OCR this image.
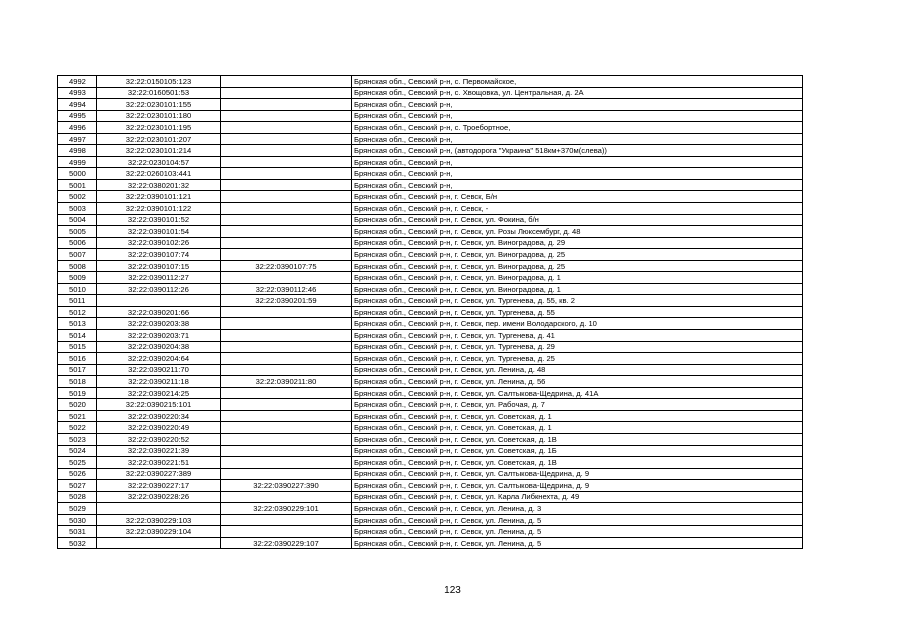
4992	32:22:0150105:123		Брянская обл., Севский р-н, с. Первомайское,
4993	32:22:0160501:53		Брянская обл., Севский р-н, с. Хвощовка, ул. Центральная, д. 2А
4994	32:22:0230101:155		Брянская обл., Севский р-н,
4995	32:22:0230101:180		Брянская обл., Севский р-н,
4996	32:22:0230101:195		Брянская обл., Севский р-н, с. Троебортное,
4997	32:22:0230101:207		Брянская обл., Севский р-н,
4998	32:22:0230101:214		Брянская обл., Севский р-н, (автодорога "Украина" 518км+370м(слева))
4999	32:22:0230104:57		Брянская обл., Севский р-н,
5000	32:22:0260103:441		Брянская обл., Севский р-н,
5001	32:22:0380201:32		Брянская обл., Севский р-н,
5002	32:22:0390101:121		Брянская обл., Севский р-н, г. Севск, Б/н
5003	32:22:0390101:122		Брянская обл., Севский р-н, г. Севск, -
5004	32:22:0390101:52		Брянская обл., Севский р-н, г. Севск, ул. Фокина, б/н
5005	32:22:0390101:54		Брянская обл., Севский р-н, г. Севск, ул. Розы Люксембург, д. 48
5006	32:22:0390102:26		Брянская обл., Севский р-н, г. Севск, ул. Виноградова, д. 29
5007	32:22:0390107:74		Брянская обл., Севский р-н, г. Севск, ул. Виноградова, д. 25
5008	32:22:0390107:15	32:22:0390107:75	Брянская обл., Севский р-н, г. Севск, ул. Виноградова, д. 25
5009	32:22:0390112:27		Брянская обл., Севский р-н, г. Севск, ул. Виноградова, д. 1
5010	32:22:0390112:26	32:22:0390112:46	Брянская обл., Севский р-н, г. Севск, ул. Виноградова, д. 1
5011		32:22:0390201:59	Брянская обл., Севский р-н, г. Севск, ул. Тургенева, д. 55, кв. 2
5012	32:22:0390201:66		Брянская обл., Севский р-н, г. Севск, ул. Тургенева, д. 55
5013	32:22:0390203:38		Брянская обл., Севский р-н, г. Севск, пер. имени Володарского, д. 10
5014	32:22:0390203:71		Брянская обл., Севский р-н, г. Севск, ул. Тургенева, д. 41
5015	32:22:0390204:38		Брянская обл., Севский р-н, г. Севск, ул. Тургенева, д. 29
5016	32:22:0390204:64		Брянская обл., Севский р-н, г. Севск, ул. Тургенева, д. 25
5017	32:22:0390211:70		Брянская обл., Севский р-н, г. Севск, ул. Ленина, д. 48
5018	32:22:0390211:18	32:22:0390211:80	Брянская обл., Севский р-н, г. Севск, ул. Ленина, д. 56
5019	32:22:0390214:25		Брянская обл., Севский р-н, г. Севск, ул. Салтыкова-Щедрина, д. 41А
5020	32:22:0390215:101		Брянская обл., Севский р-н, г. Севск, ул. Рабочая, д. 7
5021	32:22:0390220:34		Брянская обл., Севский р-н, г. Севск, ул. Советская, д. 1
5022	32:22:0390220:49		Брянская обл., Севский р-н, г. Севск, ул. Советская, д. 1
5023	32:22:0390220:52		Брянская обл., Севский р-н, г. Севск, ул. Советская, д. 1В
5024	32:22:0390221:39		Брянская обл., Севский р-н, г. Севск, ул. Советская, д. 1Б
5025	32:22:0390221:51		Брянская обл., Севский р-н, г. Севск, ул. Советская, д. 1В
5026	32:22:0390227:389		Брянская обл., Севский р-н, г. Севск, ул. Салтыкова-Щедрина, д. 9
5027	32:22:0390227:17	32:22:0390227:390	Брянская обл., Севский р-н, г. Севск, ул. Салтыкова-Щедрина, д. 9
5028	32:22:0390228:26		Брянская обл., Севский р-н, г. Севск, ул. Карла Либкнехта, д. 49
5029		32:22:0390229:101	Брянская обл., Севский р-н, г. Севск, ул. Ленина, д. 3
5030	32:22:0390229:103		Брянская обл., Севский р-н, г. Севск, ул. Ленина, д. 5
5031	32:22:0390229:104		Брянская обл., Севский р-н, г. Севск, ул. Ленина, д. 5
5032		32:22:0390229:107	Брянская обл., Севский р-н, г. Севск, ул. Ленина, д. 5
123
